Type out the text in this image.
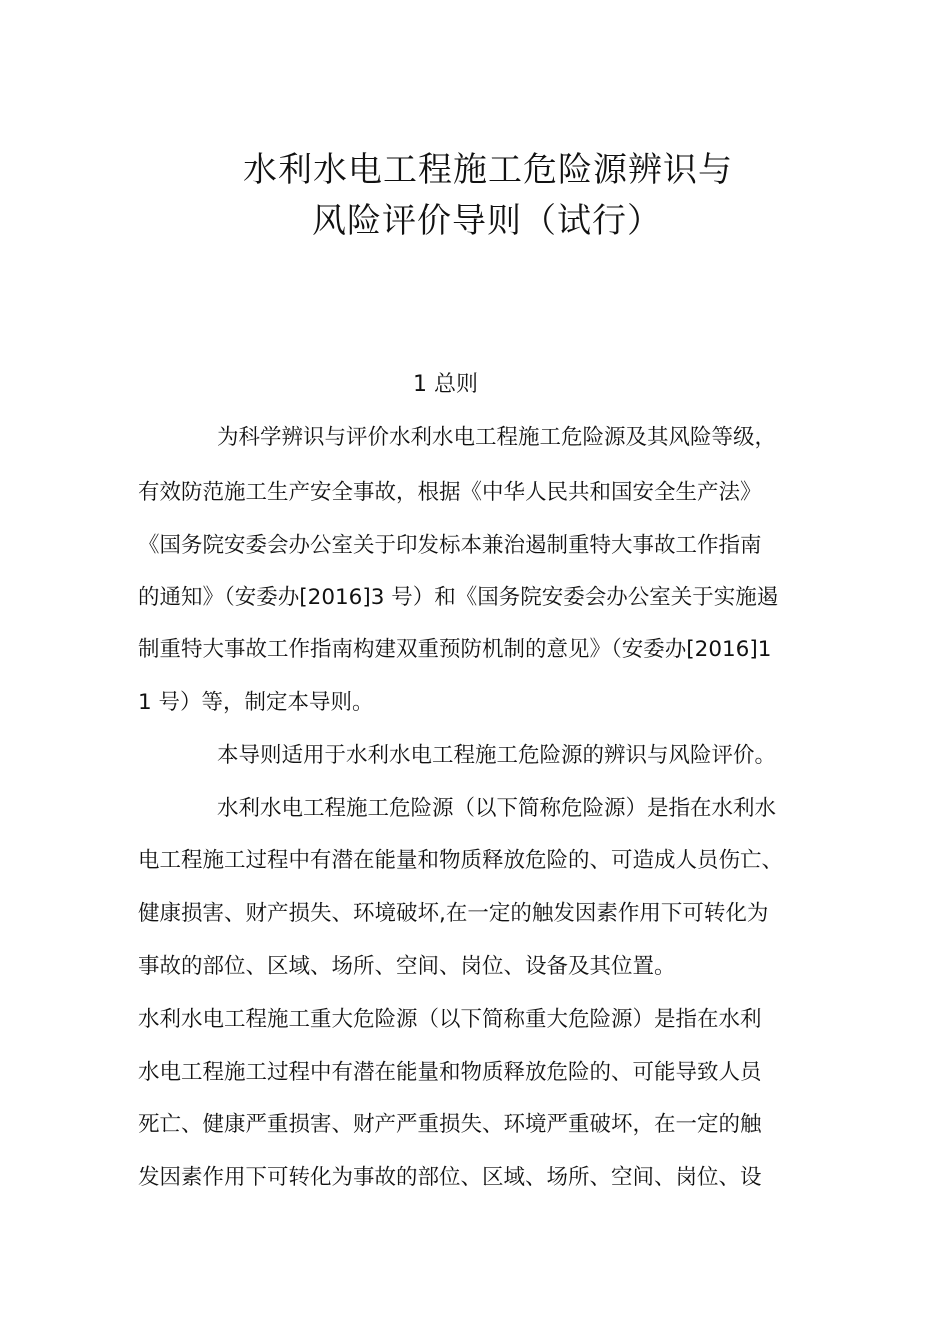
水利水电工程施工危险源辨识与
风险评价导则（试行）
1 总则
为科学辨识与评价水利水电工程施工危险源及其风险等级，
有效防范施工生产安全事故，根据《中华人民共和国安全生产法》
《国务院安委会办公室关于印发标本兼治遏制重特大事故工作指南
的通知》（安委办[2016]3 号）和《国务院安委会办公室关于实施遏
制重特大事故工作指南构建双重预防机制的意见》（安委办[2016]1
1 号）等，制定本导则。
本导则适用于水利水电工程施工危险源的辨识与风险评价。
水利水电工程施工危险源（以下简称危险源）是指在水利水
电工程施工过程中有潜在能量和物质释放危险的、可造成人员伤亡、
健康损害、财产损失、环境破坏,在一定的触发因素作用下可转化为
事故的部位、区域、场所、空间、岗位、设备及其位置。
水利水电工程施工重大危险源（以下简称重大危险源）是指在水利
水电工程施工过程中有潜在能量和物质释放危险的、可能导致人员
死亡、健康严重损害、财产严重损失、环境严重破坏，在一定的触
发因素作用下可转化为事故的部位、区域、场所、空间、岗位、设
